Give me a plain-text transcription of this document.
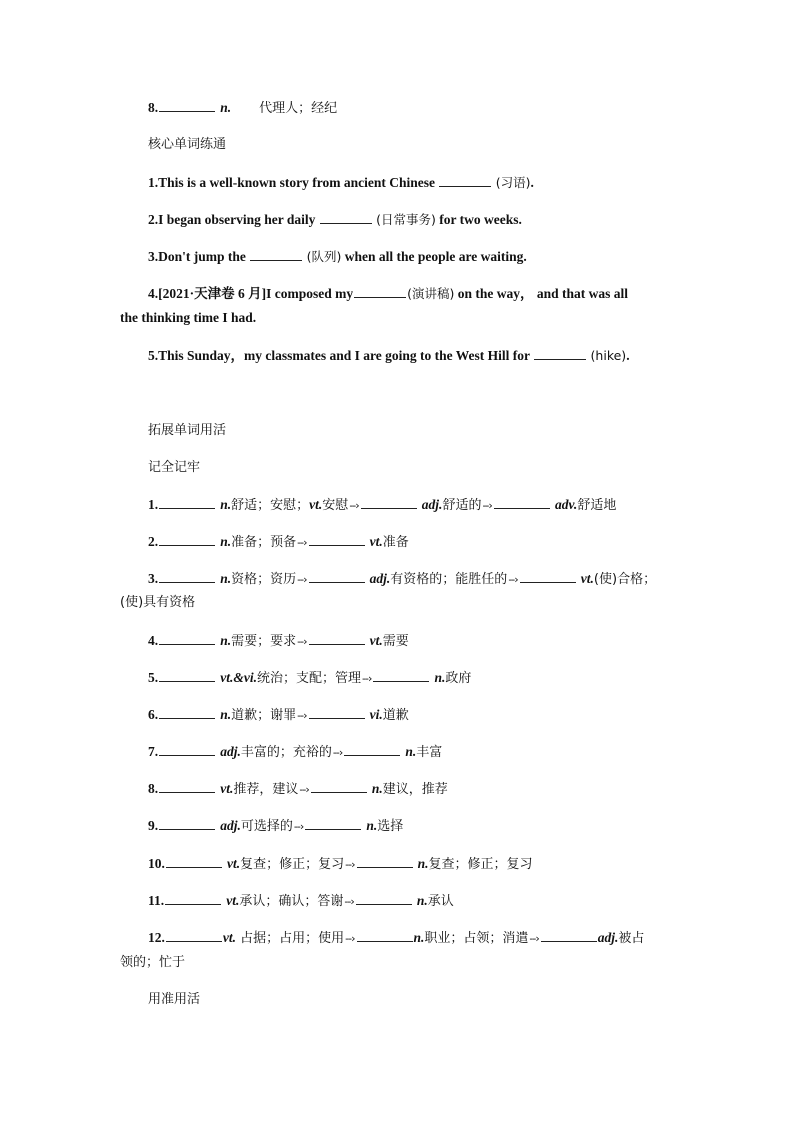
8.	n. 代理人；经纪
核心单词练通
1.This is a well-known story from ancient Chinese	(习语).
2.I began observing her daily	(日常事务) for two weeks.
3.Don't jump the	(队列) when all the people are waiting.
4.[2021·天津卷 6 月]I composed my	(演讲稿) on the way， and that was all
the thinking time I had.
5.This Sunday，my classmates and I are going to the West Hill for	(hike).
拓展单词用活
记全记牢
1.	n.舒适；安慰；vt.安慰--›	adj.舒适的--›	adv.舒适地
2.	n.准备；预备--›	vt.准备
3.	n.资格；资历--›	adj.有资格的；能胜任的--›	vt.(使)合格；
(使)具有资格
4.	n.需要；要求--›	vt.需要
5.	vt.&vi.统治；支配；管理--›	n.政府
6.	n.道歉；谢罪--›	vi.道歉
7.	adj.丰富的；充裕的--›	n.丰富
8.	vt.推荐，建议--›	n.建议，推荐
9.	adj.可选择的--›	n.选择
10.	vt.复查；修正；复习--›	n.复查；修正；复习
11.	vt.承认；确认；答谢--›	n.承认
12.	vt. 占据；占用；使用--›	n.职业；占领；消遣--›	adj.被占
领的；忙于
用准用活
